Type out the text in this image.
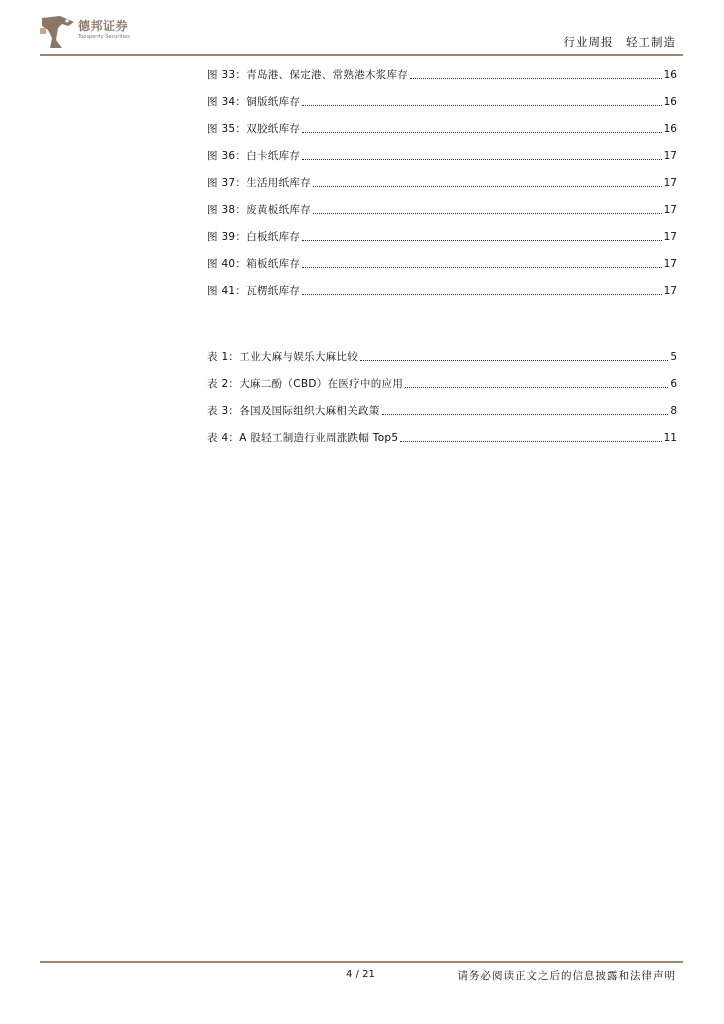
德邦证券
Topsperity Securities	行业周报　轻工制造
图 33：青岛港、保定港、常熟港木浆库存	16
图 34：铜版纸库存	16
图 35：双胶纸库存	16
图 36：白卡纸库存	17
图 37：生活用纸库存	17
图 38：废黄板纸库存	17
图 39：白板纸库存	17
图 40：箱板纸库存	17
图 41：瓦楞纸库存	17
表 1：工业大麻与娱乐大麻比较	5
表 2：大麻二酚（CBD）在医疗中的应用	6
表 3：各国及国际组织大麻相关政策	8
表 4：A 股轻工制造行业周涨跌幅 Top5	11
4 / 21	请务必阅读正文之后的信息披露和法律声明
